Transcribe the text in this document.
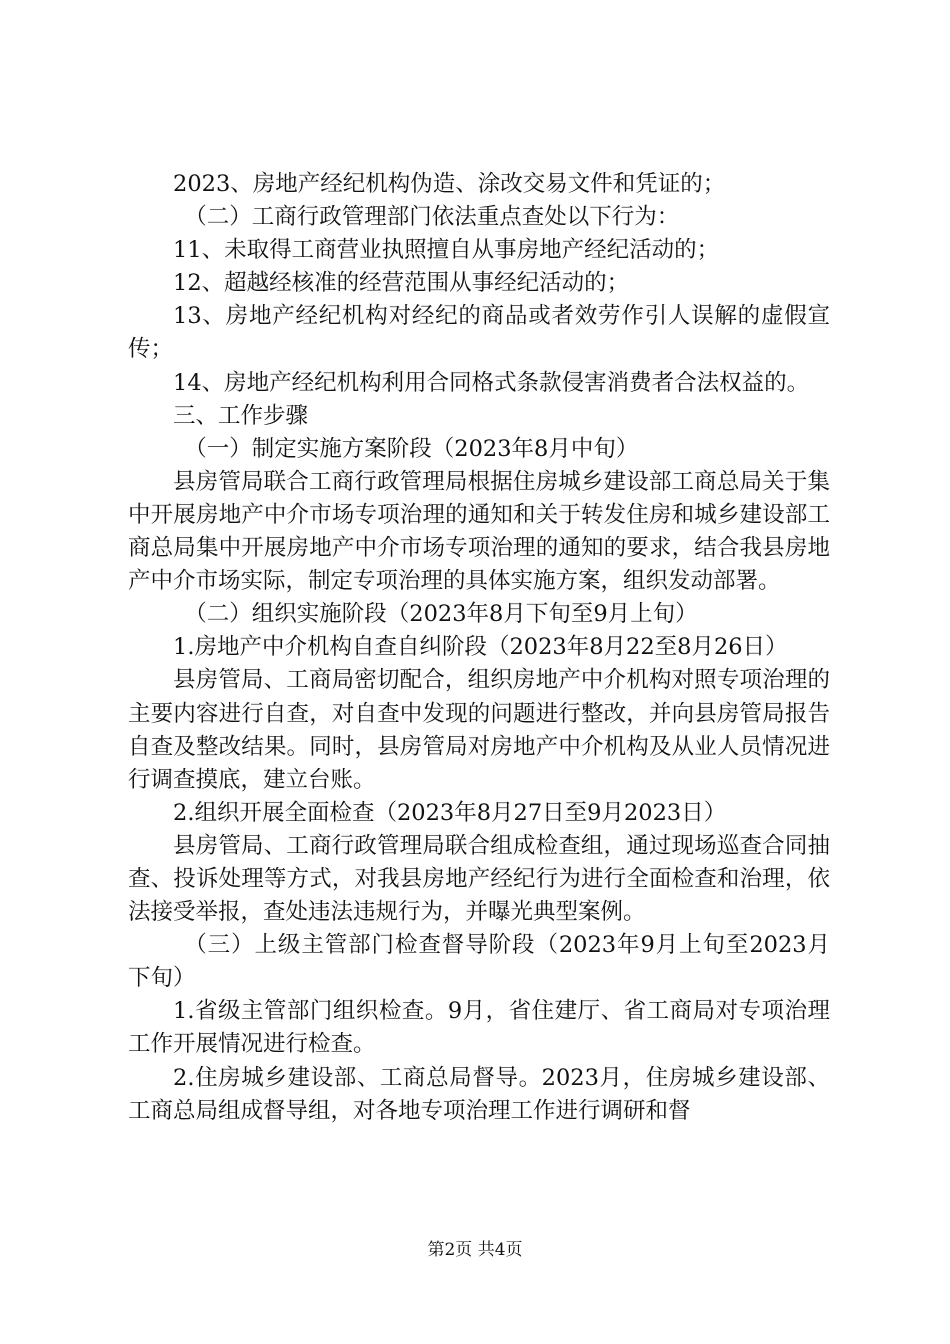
2023、房地产经纪机构伪造、涂改交易文件和凭证的；

（二）工商行政管理部门依法重点查处以下行为：

11、未取得工商营业执照擅自从事房地产经纪活动的；

12、超越经核准的经营范围从事经纪活动的；

13、房地产经纪机构对经纪的商品或者效劳作引人误解的虚假宣传；

14、房地产经纪机构利用合同格式条款侵害消费者合法权益的。

三、工作步骤

（一）制定实施方案阶段（2023年8月中旬）

县房管局联合工商行政管理局根据住房城乡建设部工商总局关于集中开展房地产中介市场专项治理的通知和关于转发住房和城乡建设部工商总局集中开展房地产中介市场专项治理的通知的要求，结合我县房地产中介市场实际，制定专项治理的具体实施方案，组织发动部署。

（二）组织实施阶段（2023年8月下旬至9月上旬）

1.房地产中介机构自查自纠阶段（2023年8月22至8月26日）

县房管局、工商局密切配合，组织房地产中介机构对照专项治理的主要内容进行自查，对自查中发现的问题进行整改，并向县房管局报告自查及整改结果。同时，县房管局对房地产中介机构及从业人员情况进行调查摸底，建立台账。

2.组织开展全面检查（2023年8月27日至9月2023日）

县房管局、工商行政管理局联合组成检查组，通过现场巡查合同抽查、投诉处理等方式，对我县房地产经纪行为进行全面检查和治理，依法接受举报，查处违法违规行为，并曝光典型案例。

（三）上级主管部门检查督导阶段（2023年9月上旬至2023月下旬）

1.省级主管部门组织检查。9月，省住建厅、省工商局对专项治理工作开展情况进行检查。

2.住房城乡建设部、工商总局督导。2023月，住房城乡建设部、工商总局组成督导组，对各地专项治理工作进行调研和督

第2页 共4页
